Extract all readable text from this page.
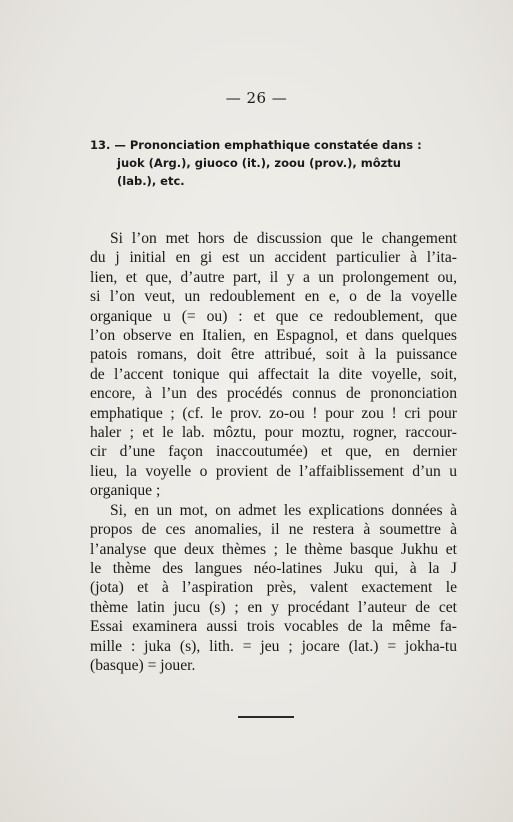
— 26 —
13. — Prononciation emphathique constatée dans :
juok (Arg.), giuoco (it.), zoou (prov.), môztu
(lab.), etc.
Si l’on met hors de discussion que le changement
du j initial en gi est un accident particulier à l’ita-
lien, et que, d’autre part, il y a un prolongement ou,
si l’on veut, un redoublement en e, o de la voyelle
organique u (= ou) : et que ce redoublement, que
l’on observe en Italien, en Espagnol, et dans quelques
patois romans, doit être attribué, soit à la puissance
de l’accent tonique qui affectait la dite voyelle, soit,
encore, à l’un des procédés connus de prononciation
emphatique ; (cf. le prov. zo-ou ! pour zou ! cri pour
haler ; et le lab. môztu, pour moztu, rogner, raccour-
cir d’une façon inaccoutumée) et que, en dernier
lieu, la voyelle o provient de l’affaiblissement d’un u
organique ;
Si, en un mot, on admet les explications données à
propos de ces anomalies, il ne restera à soumettre à
l’analyse que deux thèmes ; le thème basque Jukhu et
le thème des langues néo-latines Juku qui, à la J
(jota) et à l’aspiration près, valent exactement le
thème latin jucu (s) ; en y procédant l’auteur de cet
Essai examinera aussi trois vocables de la même fa-
mille : juka (s), lith. = jeu ; jocare (lat.) = jokha-tu
(basque) = jouer.
